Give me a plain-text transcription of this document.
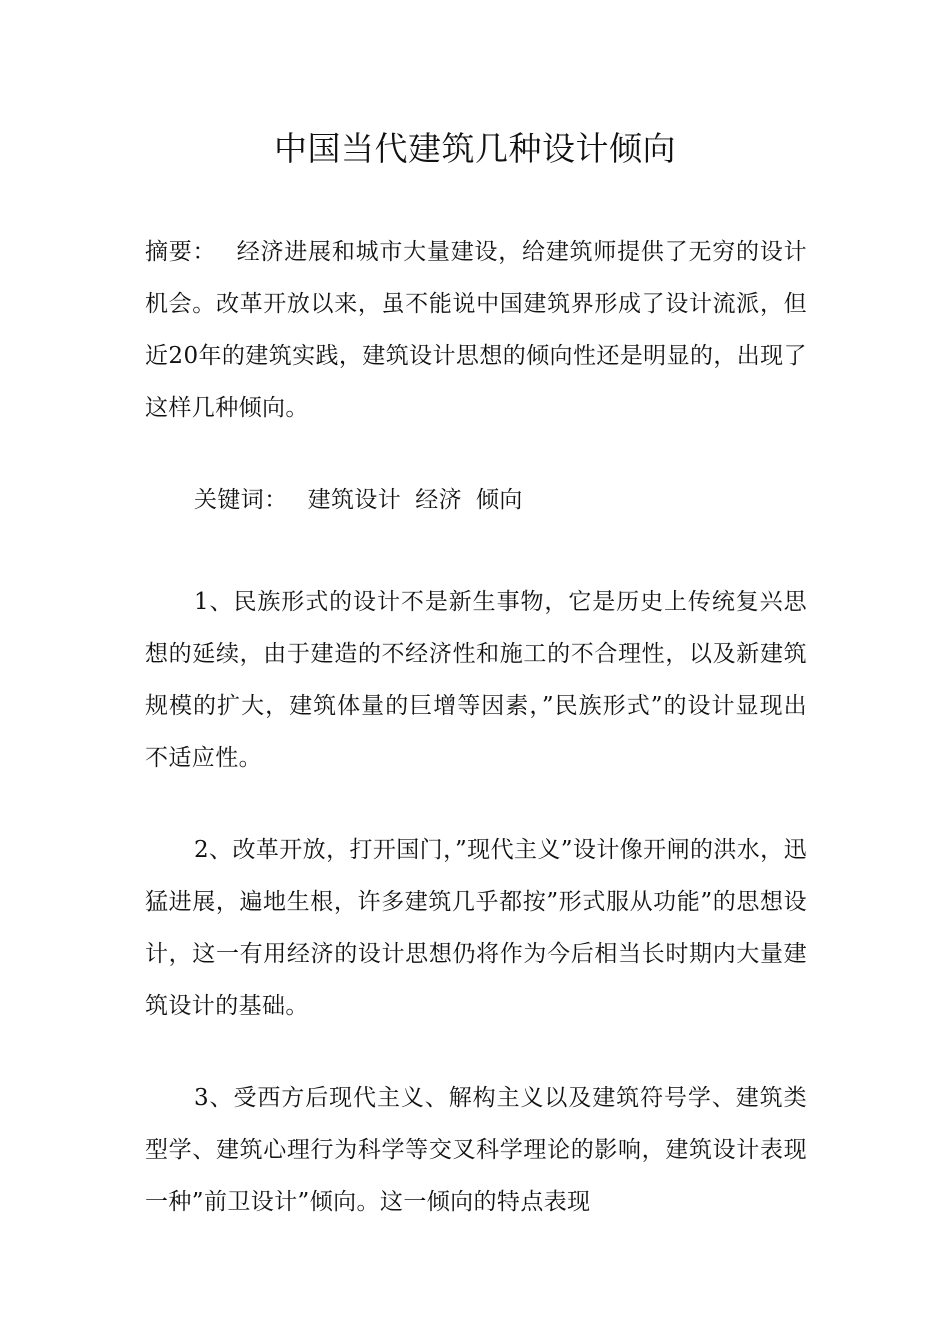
中国当代建筑几种设计倾向

摘要： 经济进展和城市大量建设，给建筑师提供了无穷的设计机会。改革开放以来，虽不能说中国建筑界形成了设计流派，但近20年的建筑实践，建筑设计思想的倾向性还是明显的，出现了这样几种倾向。

关键词： 建筑设计 经济 倾向

1、民族形式的设计不是新生事物，它是历史上传统复兴思想的延续，由于建造的不经济性和施工的不合理性，以及新建筑规模的扩大，建筑体量的巨增等因素，”民族形式”的设计显现出不适应性。

2、改革开放，打开国门，”现代主义”设计像开闸的洪水，迅猛进展，遍地生根，许多建筑几乎都按”形式服从功能”的思想设计，这一有用经济的设计思想仍将作为今后相当长时期内大量建筑设计的基础。

3、受西方后现代主义、解构主义以及建筑符号学、建筑类型学、建筑心理行为科学等交叉科学理论的影响，建筑设计表现一种”前卫设计”倾向。这一倾向的特点表现
